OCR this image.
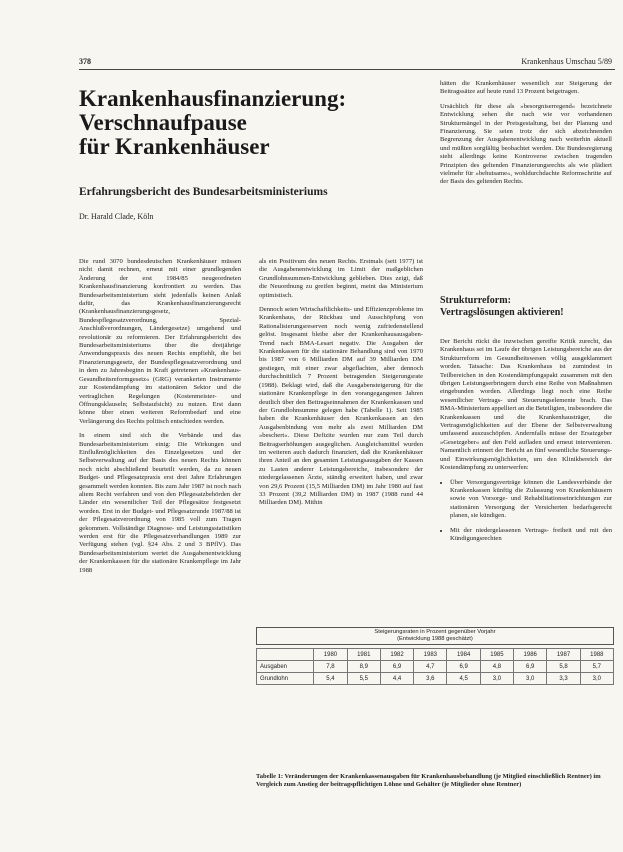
378	Krankenhaus Umschau 5/89
Krankenhausfinanzierung:
Verschnaufpause
für Krankenhäuser
Erfahrungsbericht des Bundesarbeitsministeriums
Dr. Harald Clade, Köln

Die rund 3070 bundesdeutschen Krankenhäuser müssen nicht damit rechnen, erneut mit einer grundlegenden Änderung der erst 1984/85 neugeordneten Krankenhausfinanzierung konfrontiert zu werden. Das Bundesarbeitsministerium sieht jedenfalls keinen Anlaß dafür, das Krankenhausfinanzierungsrecht (Krankenhausfinanzierungsgesetz, Bundespflegesatzverordnung, Spezial-Anschlußverordnungen, Ländergesetze) umgehend und revolutionär zu reformieren. Der Erfahrungsbericht des Bundesarbeitsministeriums über die dreijährige Anwendungspraxis des neuen Rechts empfiehlt, die bei Finanzierungsgesetz, der Bundespflegesatzverordnung und in dem zu Jahresbeginn in Kraft getretenen »Krankenhaus-Gesundheitsreformgesetz« (GRG) verankerten Instrumente zur Kostendämpfung im stationären Sektor und die vertraglichen Regelungen (Kostenmeister- und Öffnungsklauseln; Selbstaufsicht) zu nutzen. Erst dann könne über einen weiteren Reformbedarf und eine Verlängerung des Rechts politisch entschieden werden.

In einem sind sich die Verbände und das Bundesarbeitsministerium einig: Die Wirkungen und Einflußmöglichkeiten des Einzelgesetzes und der Selbstverwaltung auf der Basis des neuen Rechts können noch nicht abschließend beurteilt werden, da zu neuen Budget- und Pflegesatzpraxis erst drei Jahre Erfahrungen gesammelt werden konnten. Bis zum Jahr 1987 ist noch nach altem Recht verfahren und von den Pflegesatzbehörden der Länder ein wesentlicher Teil der Pflegesätze festgesetzt worden. Erst in der Budget- und Pflegesatzrunde 1987/88 ist der Pflegesatzverordnung von 1985 voll zum Tragen gekommen. Vollständige Diagnose- und Leistungsstatistiken werden erst für die Pflegesatzverhandlungen 1989 zur Verfügung stehen (vgl. §24 Abs. 2 und 3 BPflV). Das Bundesarbeitsministerium wertet die Ausgabenentwicklung der Krankenkassen für die stationäre Krankenpflege im Jahr 1988

als ein Positivum des neuen Rechts. Erstmals (seit 1977) ist die Ausgabenentwicklung im Limit der maßgeblichen Grundlohnsummen-Entwicklung geblieben. Dies zeigt, daß die Neuordnung zu greifen beginnt, meint das Ministerium optimistisch.

Dennoch seien Wirtschaftlichkeits- und Effizienzprobleme im Krankenhaus, der Rückbau und Ausschöpfung von Rationalisierungsreserven noch wenig zufriedenstellend gelöst. Insgesamt bleibe aber der Krankenhausausgaben-Trend nach BMA-Lesart negativ. Die Ausgaben der Krankenkassen für die stationäre Behandlung sind von 1970 bis 1987 von 6 Milliarden DM auf 39 Milliarden DM gestiegen, mit einer zwar abgeflachten, aber dennoch durchschnittlich 7 Prozent betragenden Steigerungsrate (1988). Beklagt wird, daß die Ausgabensteigerung für die stationäre Krankenpflege in den vorangegangenen Jahren deutlich über den Beitragseinnahmen der Krankenkassen und der Grundlohnsumme gelegen habe (Tabelle 1). Seit 1985 haben die Krankenhäuser den Krankenkassen an den Ausgabenbindung von mehr als zwei Milliarden DM »beschert«. Diese Defizite wurden nur zum Teil durch Beitragserhöhungen ausgeglichen. Ausgleichsmittel wurden im weiteren auch dadurch finanziert, daß die Krankenhäuser ihren Anteil an den gesamten Leistungsausgaben der Kassen zu Lasten anderer Leistungsbereiche, insbesondere der niedergelassenen Ärzte, ständig erweitert haben, und zwar von 29,6 Prozent (15,5 Milliarden DM) im Jahr 1980 auf fast 33 Prozent (39,2 Milliarden DM) in 1987 (1988 rund 44 Milliarden DM). Mithin

hätten die Krankenhäuser wesentlich zur Steigerung der Beitragssätze auf heute rund 13 Prozent beigetragen.

Ursächlich für diese als »besorgniserregend« bezeichnete Entwicklung sehen die nach wie vor vorhandenen Strukturmängel in der Preisgestaltung, bei der Planung und Finanzierung. Sie seien trotz der sich abzeichnenden Begrenzung der Ausgabenentwicklung nach weiterhin aktuell und müßten sorgfältig beobachtet werden. Die Bundesregierung sieht allerdings keine Kontroverse zwischen tragenden Prinzipien des geltenden Finanzierungsrechts als wie plädiert vielmehr für »behutsame«, wohldurchdachte Reformschritte auf der Basis des geltenden Rechts.

Strukturreform:
Vertragslösungen aktivieren!

Der Bericht rückt die inzwischen gereifte Kritik zurecht, das Krankenhaus sei im Laufe der übrigen Leistungsbereiche aus der Strukturreform im Gesundheitswesen völlig ausgeklammert worden. Tatsache: Das Krankenhaus ist zumindest in Teilbereichen in den Kostendämpfungspakt zusammen mit den übrigen Leistungserbringern durch eine Reihe von Maßnahmen eingebunden worden. Allerdings liegt noch eine Reihe wesentlicher Vertrags- und Steuerungselemente brach. Das BMA-Ministerium appelliert an die Beteiligten, insbesondere die Krankenkassen und die Krankenhausträger, die Vertragsmöglichkeiten auf der Ebene der Selbstverwaltung umfassend auszuschöpfen. Andernfalls müsse der Ersatzgeber »Gesetzgeber« auf den Feld aufladen und erneut intervenieren. Namentlich erinnert der Bericht an fünf wesentliche Steuerungs- und Einwirkungsmöglichkeiten, um den Klinikbereich der Kostendämpfung zu unterwerfen:

• Über Versorgungsverträge können die Landesverbände der Krankenkassen künftig die Zulassung von Krankenhäusern sowie von Vorsorge- und Rehabilitationseinrichtungen zur stationären Versorgung der Versicherten bedarfsgerecht planen, sie kündigen.
• Mit der niedergelassenen Vertrags- freiheit und mit den Kündigungsrechten
Steigerungsraten in Prozent gegenüber Vorjahr
(Entwicklung 1988 geschätzt)
	1980	1981	1982	1983	1984	1985	1986	1987	1988
Ausgaben	7,8	8,9	6,9	4,7	6,9	4,8	6,9	5,8	5,7
Grundlohn	5,4	5,5	4,4	3,6	4,5	3,0	3,0	3,3	3,0
Tabelle 1: Veränderungen der Krankenkassenausgaben für Krankenhausbehandlung (je Mitglied einschließlich Rentner) im Vergleich zum Anstieg der beitragspflichtigen Löhne und Gehälter (je Mitglieder ohne Rentner)
